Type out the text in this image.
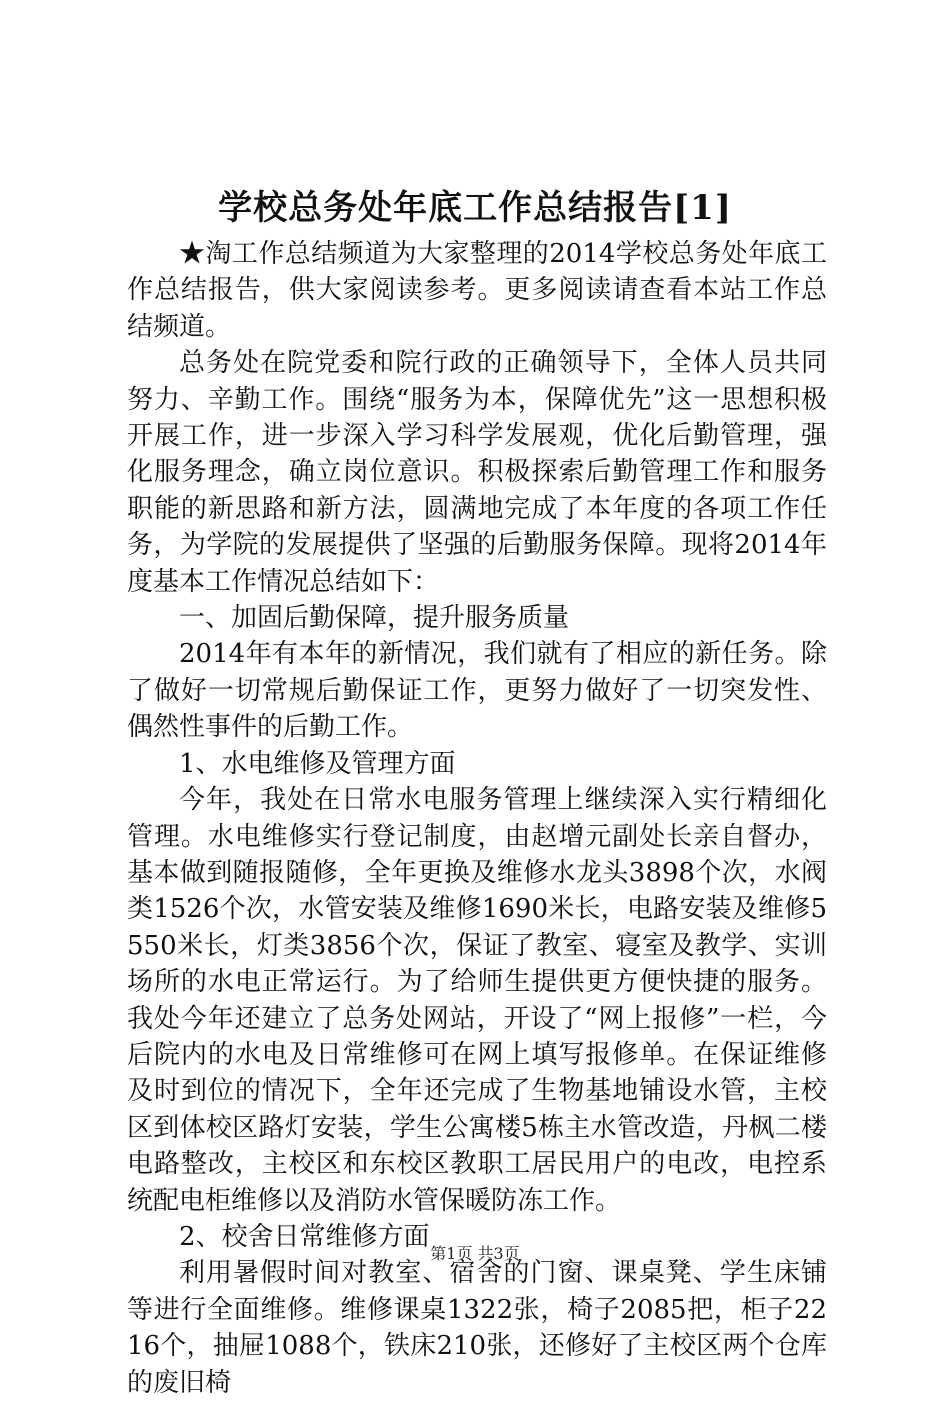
学校总务处年底工作总结报告[1]

★淘工作总结频道为大家整理的2014学校总务处年底工作总结报告，供大家阅读参考。更多阅读请查看本站工作总结频道。

总务处在院党委和院行政的正确领导下，全体人员共同努力、辛勤工作。围绕“服务为本，保障优先”这一思想积极开展工作，进一步深入学习科学发展观，优化后勤管理，强化服务理念，确立岗位意识。积极探索后勤管理工作和服务职能的新思路和新方法，圆满地完成了本年度的各项工作任务，为学院的发展提供了坚强的后勤服务保障。现将2014年度基本工作情况总结如下：

一、加固后勤保障，提升服务质量

2014年有本年的新情况，我们就有了相应的新任务。除了做好一切常规后勤保证工作，更努力做好了一切突发性、偶然性事件的后勤工作。

1、水电维修及管理方面

今年，我处在日常水电服务管理上继续深入实行精细化管理。水电维修实行登记制度，由赵增元副处长亲自督办，基本做到随报随修，全年更换及维修水龙头3898个次，水阀类1526个次，水管安装及维修1690米长，电路安装及维修5550米长，灯类3856个次，保证了教室、寝室及教学、实训场所的水电正常运行。为了给师生提供更方便快捷的服务。我处今年还建立了总务处网站，开设了“网上报修”一栏，今后院内的水电及日常维修可在网上填写报修单。在保证维修及时到位的情况下，全年还完成了生物基地铺设水管，主校区到体校区路灯安装，学生公寓楼5栋主水管改造，丹枫二楼电路整改，主校区和东校区教职工居民用户的电改，电控系统配电柜维修以及消防水管保暖防冻工作。

2、校舍日常维修方面

利用暑假时间对教室、宿舍的门窗、课桌凳、学生床铺等进行全面维修。维修课桌1322张，椅子2085把，柜子2216个，抽屉1088个，铁床210张，还修好了主校区两个仓库的废旧椅

第1页 共3页
